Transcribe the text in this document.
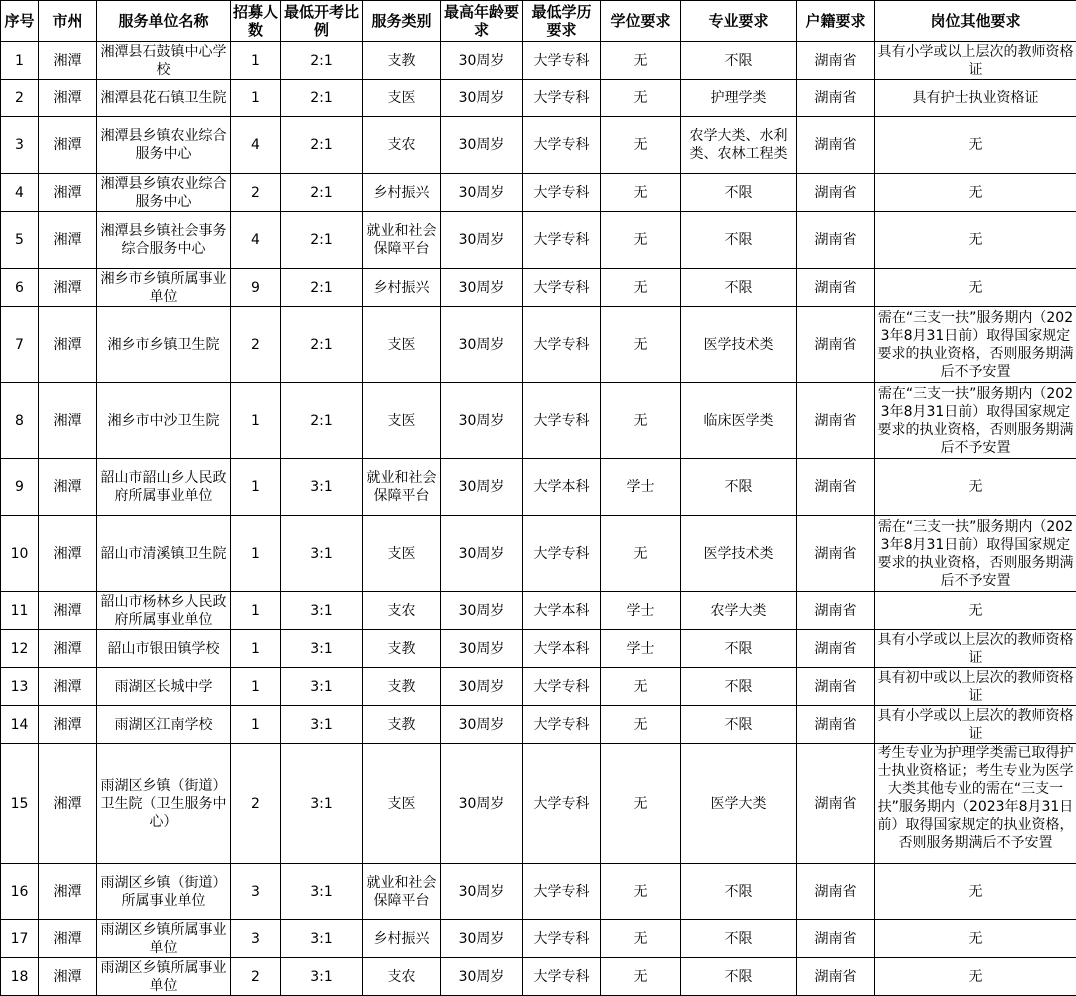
序号	市州	服务单位名称	招募人数	最低开考比例	服务类别	最高年龄要求	最低学历要求	学位要求	专业要求	户籍要求	岗位其他要求

1	湘潭	湘潭县石鼓镇中心学校	1	2:1	支教	30周岁	大学专科	无	不限	湖南省	具有小学或以上层次的教师资格证

2	湘潭	湘潭县花石镇卫生院	1	2:1	支医	30周岁	大学专科	无	护理学类	湖南省	具有护士执业资格证

3	湘潭	湘潭县乡镇农业综合服务中心	4	2:1	支农	30周岁	大学专科	无	农学大类、水利类、农林工程类	湖南省	无

4	湘潭	湘潭县乡镇农业综合服务中心	2	2:1	乡村振兴	30周岁	大学专科	无	不限	湖南省	无

5	湘潭	湘潭县乡镇社会事务综合服务中心	4	2:1	就业和社会保障平台	30周岁	大学专科	无	不限	湖南省	无

6	湘潭	湘乡市乡镇所属事业单位	9	2:1	乡村振兴	30周岁	大学专科	无	不限	湖南省	无

7	湘潭	湘乡市乡镇卫生院	2	2:1	支医	30周岁	大学专科	无	医学技术类	湖南省	需在“三支一扶”服务期内（2023年8月31日前）取得国家规定要求的执业资格，否则服务期满后不予安置

8	湘潭	湘乡市中沙卫生院	1	2:1	支医	30周岁	大学专科	无	临床医学类	湖南省	需在“三支一扶”服务期内（2023年8月31日前）取得国家规定要求的执业资格，否则服务期满后不予安置

9	湘潭	韶山市韶山乡人民政府所属事业单位	1	3:1	就业和社会保障平台	30周岁	大学本科	学士	不限	湖南省	无

10	湘潭	韶山市清溪镇卫生院	1	3:1	支医	30周岁	大学专科	无	医学技术类	湖南省	需在“三支一扶”服务期内（2023年8月31日前）取得国家规定要求的执业资格，否则服务期满后不予安置

11	湘潭	韶山市杨林乡人民政府所属事业单位	1	3:1	支农	30周岁	大学本科	学士	农学大类	湖南省	无

12	湘潭	韶山市银田镇学校	1	3:1	支教	30周岁	大学本科	学士	不限	湖南省	具有小学或以上层次的教师资格证

13	湘潭	雨湖区长城中学	1	3:1	支教	30周岁	大学专科	无	不限	湖南省	具有初中或以上层次的教师资格证

14	湘潭	雨湖区江南学校	1	3:1	支教	30周岁	大学专科	无	不限	湖南省	具有小学或以上层次的教师资格证

15	湘潭	雨湖区乡镇（街道）卫生院（卫生服务中心）	2	3:1	支医	30周岁	大学专科	无	医学大类	湖南省	考生专业为护理学类需已取得护士执业资格证；考生专业为医学大类其他专业的需在“三支一扶”服务期内（2023年8月31日前）取得国家规定的执业资格，否则服务期满后不予安置

16	湘潭	雨湖区乡镇（街道）所属事业单位	3	3:1	就业和社会保障平台	30周岁	大学专科	无	不限	湖南省	无

17	湘潭	雨湖区乡镇所属事业单位	3	3:1	乡村振兴	30周岁	大学专科	无	不限	湖南省	无

18	湘潭	雨湖区乡镇所属事业单位	2	3:1	支农	30周岁	大学专科	无	不限	湖南省	无
